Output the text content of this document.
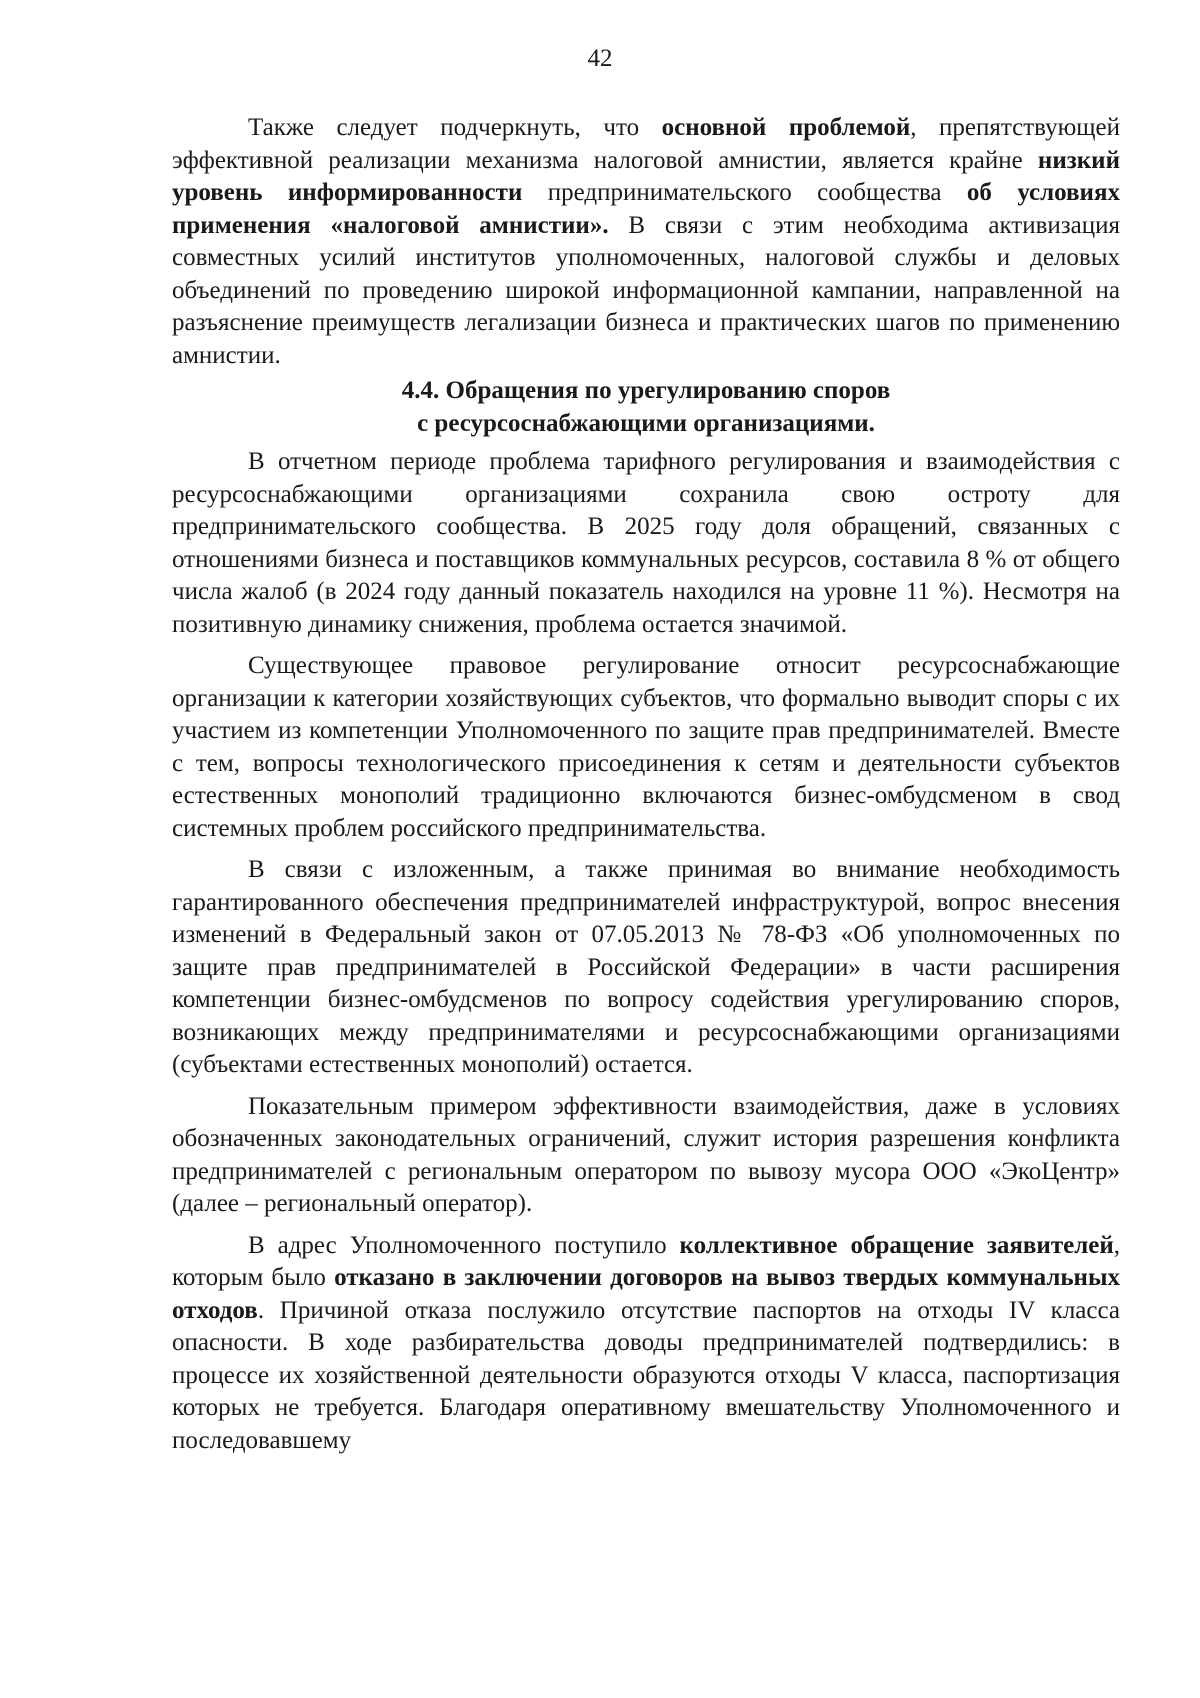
42

Также следует подчеркнуть, что основной проблемой, препятствующей эффективной реализации механизма налоговой амнистии, является крайне низкий уровень информированности предпринимательского сообщества об условиях применения «налоговой амнистии». В связи с этим необходима активизация совместных усилий институтов уполномоченных, налоговой службы и деловых объединений по проведению широкой информационной кампании, направленной на разъяснение преимуществ легализации бизнеса и практических шагов по применению амнистии.

4.4. Обращения по урегулированию споров
с ресурсоснабжающими организациями.

В отчетном периоде проблема тарифного регулирования и взаимодействия с ресурсоснабжающими организациями сохранила свою остроту для предпринимательского сообщества. В 2025 году доля обращений, связанных с отношениями бизнеса и поставщиков коммунальных ресурсов, составила 8 % от общего числа жалоб (в 2024 году данный показатель находился на уровне 11 %). Несмотря на позитивную динамику снижения, проблема остается значимой.

Существующее правовое регулирование относит ресурсоснабжающие организации к категории хозяйствующих субъектов, что формально выводит споры с их участием из компетенции Уполномоченного по защите прав предпринимателей. Вместе с тем, вопросы технологического присоединения к сетям и деятельности субъектов естественных монополий традиционно включаются бизнес-омбудсменом в свод системных проблем российского предпринимательства.

В связи с изложенным, а также принимая во внимание необходимость гарантированного обеспечения предпринимателей инфраструктурой, вопрос внесения изменений в Федеральный закон от 07.05.2013 № 78-ФЗ «Об уполномоченных по защите прав предпринимателей в Российской Федерации» в части расширения компетенции бизнес-омбудсменов по вопросу содействия урегулированию споров, возникающих между предпринимателями и ресурсоснабжающими организациями (субъектами естественных монополий) остается.

Показательным примером эффективности взаимодействия, даже в условиях обозначенных законодательных ограничений, служит история разрешения конфликта предпринимателей с региональным оператором по вывозу мусора ООО «ЭкоЦентр» (далее – региональный оператор).

В адрес Уполномоченного поступило коллективное обращение заявителей, которым было отказано в заключении договоров на вывоз твердых коммунальных отходов. Причиной отказа послужило отсутствие паспортов на отходы IV класса опасности. В ходе разбирательства доводы предпринимателей подтвердились: в процессе их хозяйственной деятельности образуются отходы V класса, паспортизация которых не требуется. Благодаря оперативному вмешательству Уполномоченного и последовавшему
